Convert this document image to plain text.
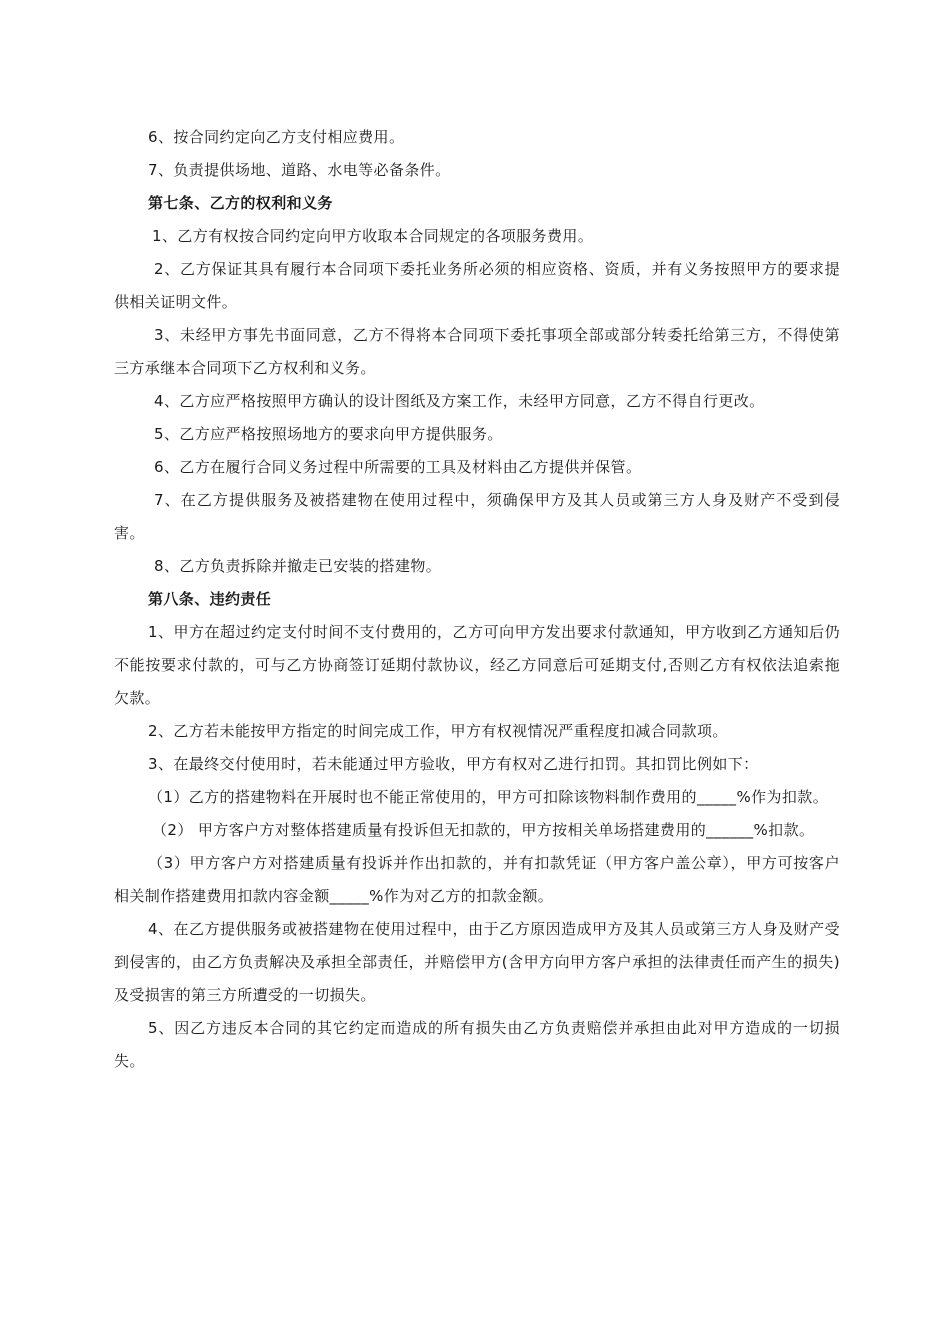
6、按合同约定向乙方支付相应费用。

7、负责提供场地、道路、水电等必备条件。

第七条、乙方的权利和义务

1、乙方有权按合同约定向甲方收取本合同规定的各项服务费用。

2、乙方保证其具有履行本合同项下委托业务所必须的相应资格、资质，并有义务按照甲方的要求提供相关证明文件。

3、未经甲方事先书面同意，乙方不得将本合同项下委托事项全部或部分转委托给第三方，不得使第三方承继本合同项下乙方权利和义务。

4、乙方应严格按照甲方确认的设计图纸及方案工作，未经甲方同意，乙方不得自行更改。

5、乙方应严格按照场地方的要求向甲方提供服务。

6、乙方在履行合同义务过程中所需要的工具及材料由乙方提供并保管。

7、在乙方提供服务及被搭建物在使用过程中，须确保甲方及其人员或第三方人身及财产不受到侵害。

8、乙方负责拆除并撤走已安装的搭建物。

第八条、违约责任

1、甲方在超过约定支付时间不支付费用的，乙方可向甲方发出要求付款通知，甲方收到乙方通知后仍不能按要求付款的，可与乙方协商签订延期付款协议，经乙方同意后可延期支付,否则乙方有权依法追索拖欠款。

2、乙方若未能按甲方指定的时间完成工作，甲方有权视情况严重程度扣减合同款项。

3、在最终交付使用时，若未能通过甲方验收，甲方有权对乙进行扣罚。其扣罚比例如下：

（1）乙方的搭建物料在开展时也不能正常使用的，甲方可扣除该物料制作费用的_____%作为扣款。

（2） 甲方客户方对整体搭建质量有投诉但无扣款的，甲方按相关单场搭建费用的______%扣款。

（3）甲方客户方对搭建质量有投诉并作出扣款的，并有扣款凭证（甲方客户盖公章），甲方可按客户相关制作搭建费用扣款内容金额_____%作为对乙方的扣款金额。

4、在乙方提供服务或被搭建物在使用过程中，由于乙方原因造成甲方及其人员或第三方人身及财产受到侵害的，由乙方负责解决及承担全部责任，并赔偿甲方(含甲方向甲方客户承担的法律责任而产生的损失)及受损害的第三方所遭受的一切损失。

5、因乙方违反本合同的其它约定而造成的所有损失由乙方负责赔偿并承担由此对甲方造成的一切损失。
